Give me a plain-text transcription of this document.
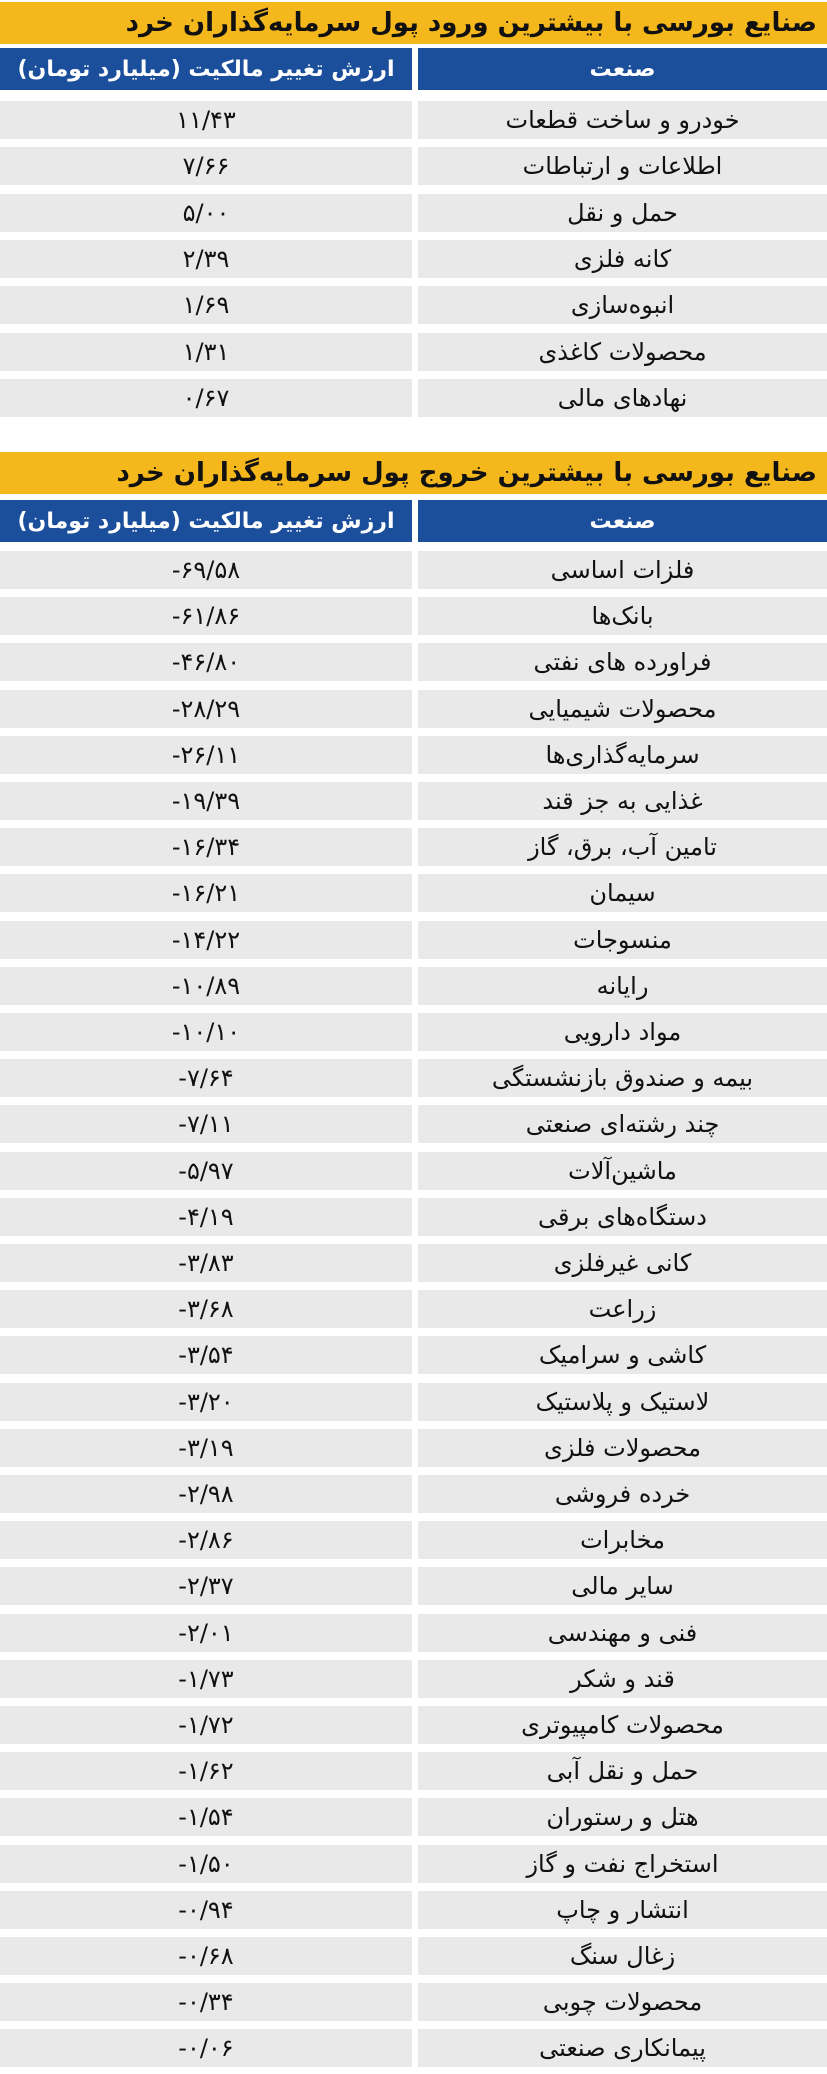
صنایع بورسی با بیشترین ورود پول سرمایه‌گذاران خرد
صنعت
ارزش تغییر مالکیت (میلیارد تومان)
خودرو و ساخت قطعات
۱۱/۴۳
اطلاعات و ارتباطات
۷/۶۶
حمل و نقل
۵/۰۰
کانه فلزی
۲/۳۹
انبوه‌سازی
۱/۶۹
محصولات کاغذی
۱/۳۱
نهادهای مالی
۰/۶۷
صنایع بورسی با بیشترین خروج پول سرمایه‌گذاران خرد
صنعت
ارزش تغییر مالکیت (میلیارد تومان)
فلزات اساسی
-۶۹/۵۸
بانک‌ها
-۶۱/۸۶
فراورده های نفتی
-۴۶/۸۰
محصولات شیمیایی
-۲۸/۲۹
سرمایه‌گذاری‌ها
-۲۶/۱۱
غذایی به جز قند
-۱۹/۳۹
تامین آب، برق، گاز
-۱۶/۳۴
سیمان
-۱۶/۲۱
منسوجات
-۱۴/۲۲
رایانه
-۱۰/۸۹
مواد دارویی
-۱۰/۱۰
بیمه و صندوق بازنشستگی
-۷/۶۴
چند رشته‌ای صنعتی
-۷/۱۱
ماشین‌آلات
-۵/۹۷
دستگاه‌های برقی
-۴/۱۹
کانی غیرفلزی
-۳/۸۳
زراعت
-۳/۶۸
کاشی و سرامیک
-۳/۵۴
لاستیک و پلاستیک
-۳/۲۰
محصولات فلزی
-۳/۱۹
خرده فروشی
-۲/۹۸
مخابرات
-۲/۸۶
سایر مالی
-۲/۳۷
فنی و مهندسی
-۲/۰۱
قند و شکر
-۱/۷۳
محصولات کامپیوتری
-۱/۷۲
حمل و نقل آبی
-۱/۶۲
هتل و رستوران
-۱/۵۴
استخراج نفت و گاز
-۱/۵۰
انتشار و چاپ
-۰/۹۴
زغال سنگ
-۰/۶۸
محصولات چوبی
-۰/۳۴
پیمانکاری صنعتی
-۰/۰۶
